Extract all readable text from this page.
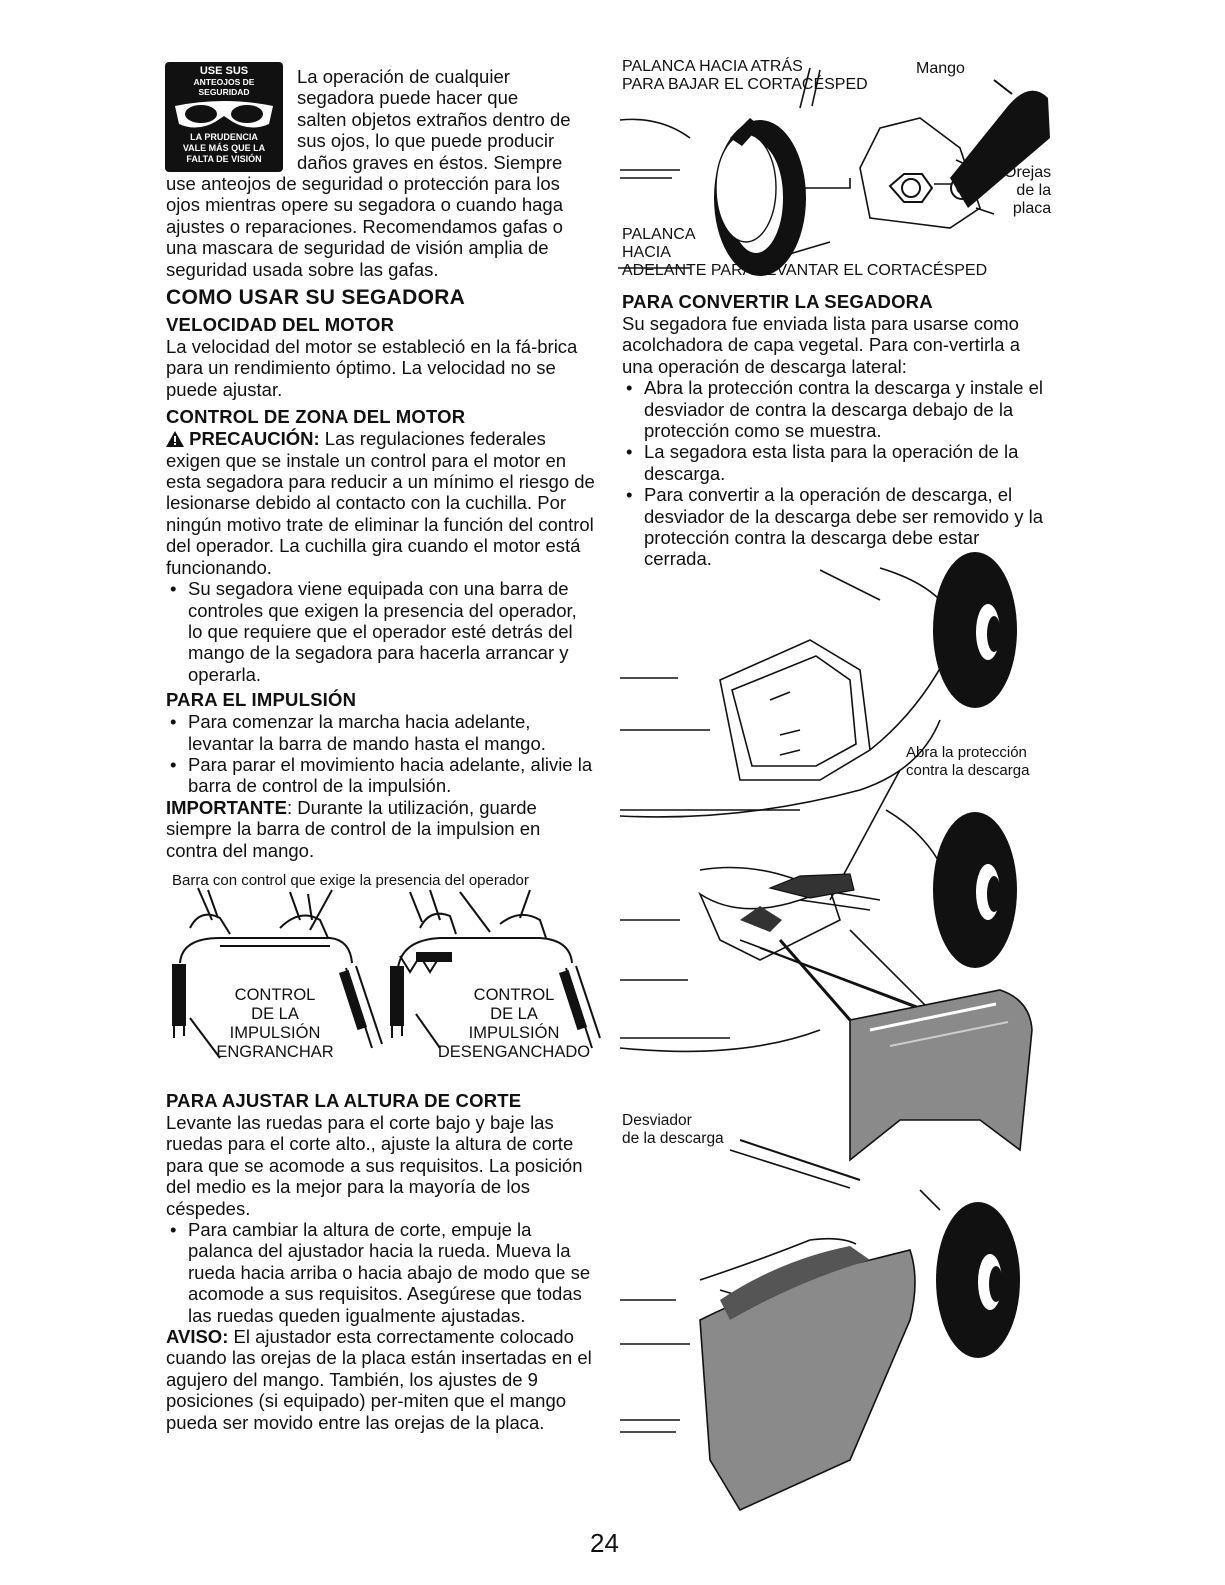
USE SUS
ANTEOJOS DE
SEGURIDAD
LA PRUDENCIA
VALE MÁS QUE LA
FALTA DE VISIÓN
La operación de cualquier
segadora puede hacer que
salten objetos extraños dentro de
sus ojos, lo que puede producir
daños graves en éstos. Siempre

use anteojos de seguridad o protección para los ojos mientras opere su segadora o cuando haga ajustes o reparaciones. Recomendamos gafas o una mascara de seguridad de visión amplia de seguridad usada sobre las gafas.

COMO USAR SU SEGADORA

VELOCIDAD DEL MOTOR

La velocidad del motor se estableció en la fá-brica para un rendimiento óptimo. La velocidad no se puede ajustar.

CONTROL DE ZONA DEL MOTOR

PRECAUCIÓN: Las regulaciones federales exigen que se instale un control para el motor en esta segadora para reducir a un mínimo el riesgo de lesionarse debido al contacto con la cuchilla. Por ningún motivo trate de eliminar la función del control del operador. La cuchilla gira cuando el motor está funcionando.

• Su segadora viene equipada con una barra de controles que exigen la presencia del operador, lo que requiere que el operador esté detrás del mango de la segadora para hacerla arrancar y operarla.

PARA EL IMPULSIÓN

• Para comenzar la marcha hacia adelante, levantar la barra de mando hasta el mango.
• Para parar el movimiento hacia adelante, alivie la barra de control de la impulsión.

IMPORTANTE: Durante la utilización, guarde siempre la barra de control de la impulsion en contra del mango.

Barra con control que exige la presencia del operador
CONTROL
DE LA
IMPULSIÓN
ENGRANCHAR
CONTROL
DE LA
IMPULSIÓN
DESENGANCHADO

PARA AJUSTAR LA ALTURA DE CORTE

Levante las ruedas para el corte bajo y baje las ruedas para el corte alto., ajuste la altura de corte para que se acomode a sus requisitos. La posición del medio es la mejor para la mayoría de los céspedes.

• Para cambiar la altura de corte, empuje la palanca del ajustador hacia la rueda. Mueva la rueda hacia arriba o hacia abajo de modo que se acomode a sus requisitos. Asegúrese que todas las ruedas queden igualmente ajustadas.

AVISO: El ajustador esta correctamente colocado cuando las orejas de la placa están insertadas en el agujero del mango. También, los ajustes de 9 posiciones (si equipado) per-miten que el mango pueda ser movido entre las orejas de la placa.

24
PALANCA HACIA ATRÁS
PARA BAJAR EL CORTACÉSPED
Mango
Orejas
de la
placa
PALANCA
HACIA
ADELANTE PARA LEVANTAR EL CORTACÉSPED

PARA CONVERTIR LA SEGADORA

Su segadora fue enviada lista para usarse como acolchadora de capa vegetal. Para con-vertirla a una operación de descarga lateral:

• Abra la protección contra la descarga y instale el desviador de contra la descarga debajo de la protección como se muestra.
• La segadora esta lista para la operación de la descarga.
• Para convertir a la operación de descarga, el desviador de la descarga debe ser removido y la protección contra la descarga debe estar cerrada.
Abra la protección
contra la descarga
Desviador
de la descarga
